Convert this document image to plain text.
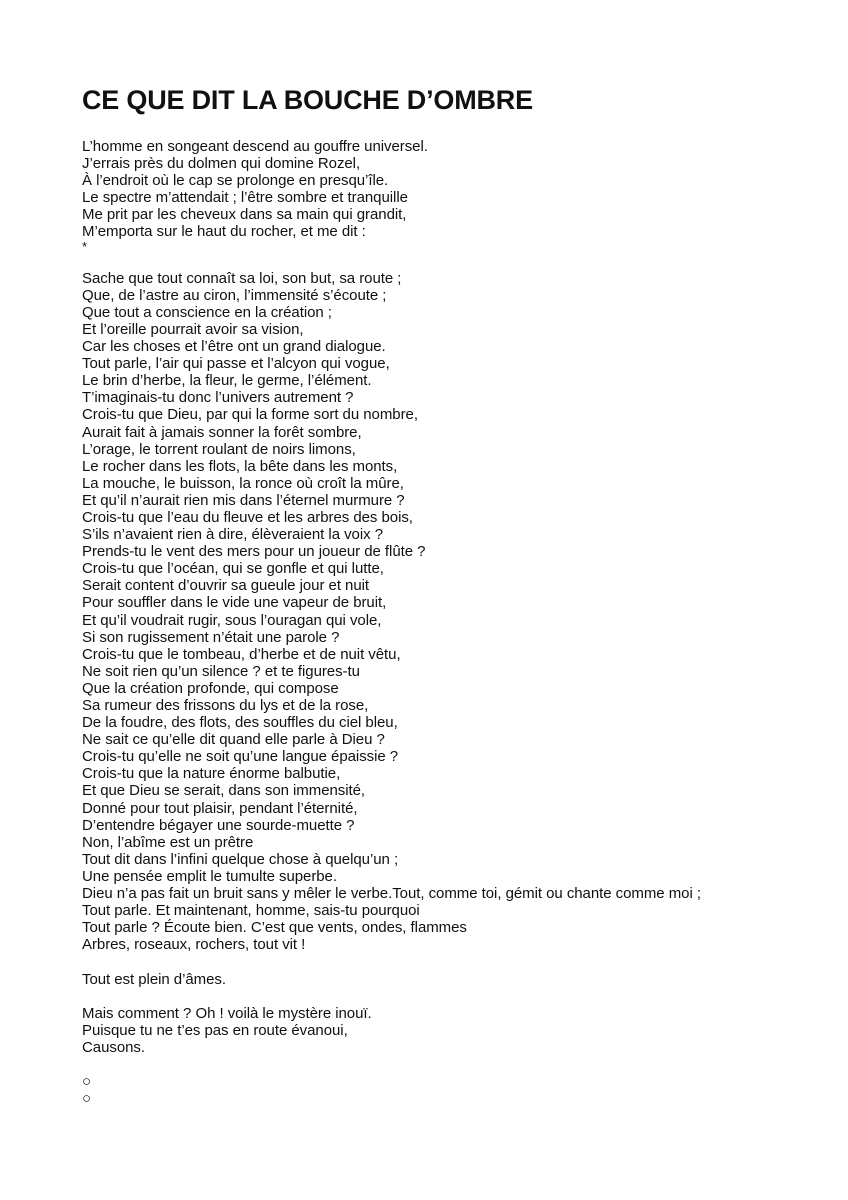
CE QUE DIT LA BOUCHE D’OMBRE
L’homme en songeant descend au gouffre universel.
J’errais près du dolmen qui domine Rozel,
À l’endroit où le cap se prolonge en presqu’île.
Le spectre m’attendait ; l’être sombre et tranquille
Me prit par les cheveux dans sa main qui grandit,
M’emporta sur le haut du rocher, et me dit :
*
Sache que tout connaît sa loi, son but, sa route ;
Que, de l’astre au ciron, l’immensité s’écoute ;
Que tout a conscience en la création ;
Et l’oreille pourrait avoir sa vision,
Car les choses et l’être ont un grand dialogue.
Tout parle, l’air qui passe et l’alcyon qui vogue,
Le brin d’herbe, la fleur, le germe, l’élément.
T’imaginais-tu donc l’univers autrement ?
Crois-tu que Dieu, par qui la forme sort du nombre,
Aurait fait à jamais sonner la forêt sombre,
L’orage, le torrent roulant de noirs limons,
Le rocher dans les flots, la bête dans les monts,
La mouche, le buisson, la ronce où croît la mûre,
Et qu’il n’aurait rien mis dans l’éternel murmure ?
Crois-tu que l’eau du fleuve et les arbres des bois,
S’ils n’avaient rien à dire, élèveraient la voix ?
Prends-tu le vent des mers pour un joueur de flûte ?
Crois-tu que l’océan, qui se gonfle et qui lutte,
Serait content d’ouvrir sa gueule jour et nuit
Pour souffler dans le vide une vapeur de bruit,
Et qu’il voudrait rugir, sous l’ouragan qui vole,
Si son rugissement n’était une parole ?
Crois-tu que le tombeau, d’herbe et de nuit vêtu,
Ne soit rien qu’un silence ? et te figures-tu
Que la création profonde, qui compose
Sa rumeur des frissons du lys et de la rose,
De la foudre, des flots, des souffles du ciel bleu,
Ne sait ce qu’elle dit quand elle parle à Dieu ?
Crois-tu qu’elle ne soit qu’une langue épaissie ?
Crois-tu que la nature énorme balbutie,
Et que Dieu se serait, dans son immensité,
Donné pour tout plaisir, pendant l’éternité,
D’entendre bégayer une sourde-muette ?
Non, l’abîme est un prêtre
Tout dit dans l’infini quelque chose à quelqu’un ;
Une pensée emplit le tumulte superbe.
Dieu n’a pas fait un bruit sans y mêler le verbe.Tout, comme toi, gémit ou chante comme moi ;
Tout parle. Et maintenant, homme, sais-tu pourquoi
Tout parle ? Écoute bien. C’est que vents, ondes, flammes
Arbres, roseaux, rochers, tout vit !
Tout est plein d’âmes.
Mais comment ? Oh ! voilà le mystère inouï.
Puisque tu ne t’es pas en route évanoui,
Causons.
○
○
